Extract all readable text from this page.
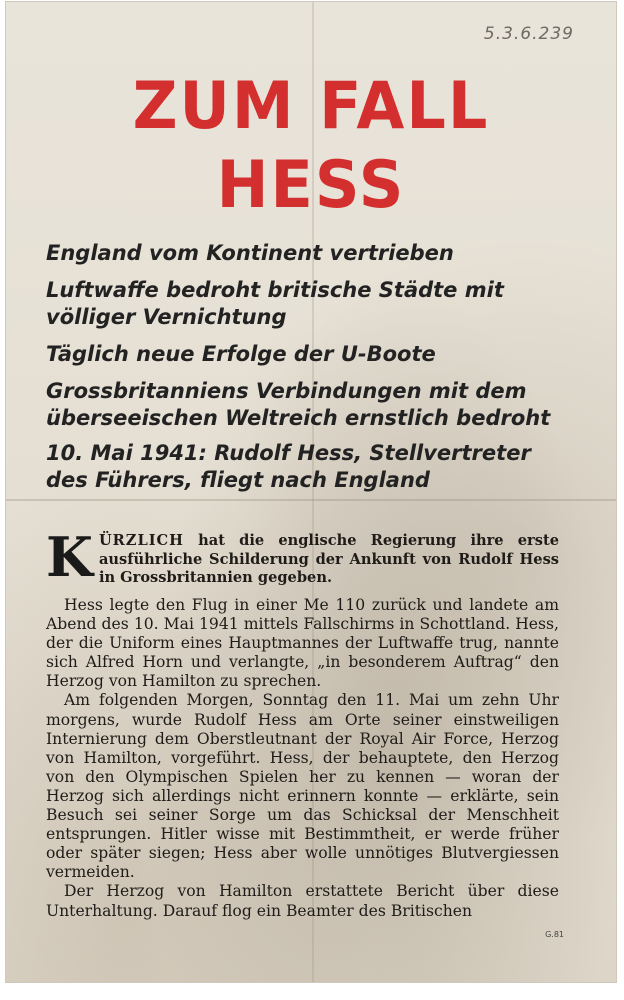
5.3.6.239
ZUM FALL
HESS
England vom Kontinent vertrieben
Luftwaffe bedroht britische Städte mit völliger Vernichtung
Täglich neue Erfolge der U-Boote
Grossbritanniens Verbindungen mit dem überseeischen Weltreich ernstlich bedroht
10. Mai 1941: Rudolf Hess, Stellvertreter des Führers, fliegt nach England
K ÜRZLICH hat die englische Regierung ihre erste ausführliche Schilderung der Ankunft von Rudolf Hess in Grossbritannien gegeben.

Hess legte den Flug in einer Me 110 zurück und landete am Abend des 10. Mai 1941 mittels Fallschirms in Schottland. Hess, der die Uniform eines Hauptmannes der Luftwaffe trug, nannte sich Alfred Horn und verlangte, „in besonderem Auftrag“ den Herzog von Hamilton zu sprechen.

Am folgenden Morgen, Sonntag den 11. Mai um zehn Uhr morgens, wurde Rudolf Hess am Orte seiner einstweiligen Internierung dem Oberstleutnant der Royal Air Force, Herzog von Hamilton, vorgeführt. Hess, der behauptete, den Herzog von den Olympischen Spielen her zu kennen — woran der Herzog sich allerdings nicht erinnern konnte — erklärte, sein Besuch sei seiner Sorge um das Schicksal der Menschheit entsprungen. Hitler wisse mit Bestimmtheit, er werde früher oder später siegen; Hess aber wolle unnötiges Blutvergiessen vermeiden.

Der Herzog von Hamilton erstattete Bericht über diese Unterhaltung. Darauf flog ein Beamter des Britischen

G.81
